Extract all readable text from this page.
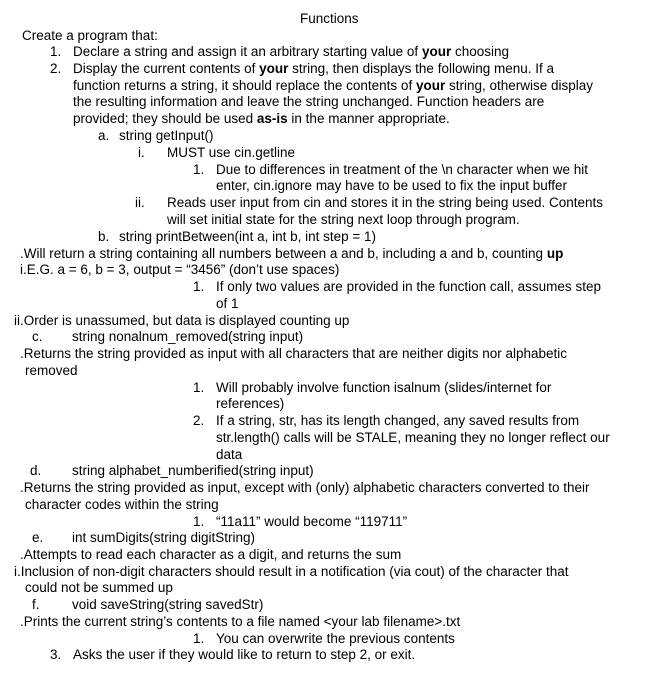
Functions
Create a program that:
1. Declare a string and assign it an arbitrary starting value of your choosing
2. Display the current contents of your string, then displays the following menu. If a
function returns a string, it should replace the contents of your string, otherwise display
the resulting information and leave the string unchanged. Function headers are
provided; they should be used as-is in the manner appropriate.
a. string getInput()
i. MUST use cin.getline
1. Due to differences in treatment of the \n character when we hit
enter, cin.ignore may have to be used to fix the input buffer
ii. Reads user input from cin and stores it in the string being used. Contents
will set initial state for the string next loop through program.
b. string printBetween(int a, int b, int step = 1)
.Will return a string containing all numbers between a and b, including a and b, counting up
i.E.G. a = 6, b = 3, output = “3456” (don’t use spaces)
1. If only two values are provided in the function call, assumes step
of 1
ii.Order is unassumed, but data is displayed counting up
c. string nonalnum_removed(string input)
.Returns the string provided as input with all characters that are neither digits nor alphabetic
removed
1. Will probably involve function isalnum (slides/internet for
references)
2. If a string, str, has its length changed, any saved results from
str.length() calls will be STALE, meaning they no longer reflect our
data
d. string alphabet_numberified(string input)
.Returns the string provided as input, except with (only) alphabetic characters converted to their
character codes within the string
1. “11a11” would become “119711”
e. int sumDigits(string digitString)
.Attempts to read each character as a digit, and returns the sum
i.Inclusion of non-digit characters should result in a notification (via cout) of the character that
could not be summed up
f. void saveString(string savedStr)
.Prints the current string’s contents to a file named <your lab filename>.txt
1. You can overwrite the previous contents
3. Asks the user if they would like to return to step 2, or exit.
